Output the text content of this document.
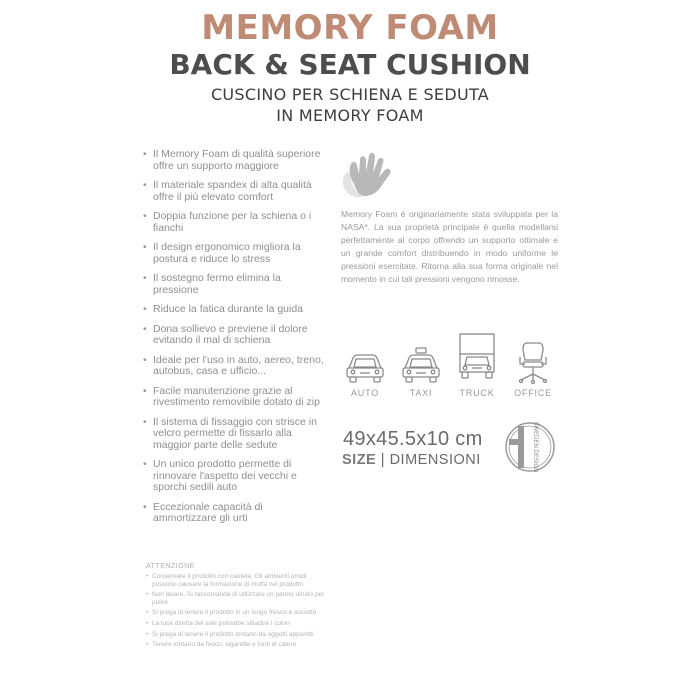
MEMORY FOAM
BACK & SEAT CUSHION
CUSCINO PER SCHIENA E SEDUTA
IN MEMORY FOAM
• Il Memory Foam di qualità superiore offre un supporto maggiore
• Il materiale spandex di alta qualità offre il più elevato comfort
• Doppia funzione per la schiena o i fianchi
• Il design ergonomico migliora la postura e riduce lo stress
• Il sostegno fermo elimina la pressione
• Riduce la fatica durante la guida
• Dona sollievo e previene il dolore evitando il mal di schiena
• Ideale per l'uso in auto, aereo, treno, autobus, casa e ufficio...
• Facile manutenzione grazie al rivestimento removibile dotato di zip
• Il sistema di fissaggio con strisce in velcro permette di fissarlo alla maggior parte delle sedute
• Un unico prodotto permette di rinnovare l'aspetto dei vecchi e sporchi sedili auto
• Eccezionale capacità di ammortizzare gli urti
ATTENZIONE
• Conservare il prodotto con cautela. Gli ambienti umidi possono causare la formazione di muffa nel prodotto
• Non lavare. Si raccomanda di utilizzare un panno umido per pulire
• Si prega di tenere il prodotto in un luogo fresco e asciutto
• La luce diretta del sole potrebbe sbiadire i colori
• Si prega di tenere il prodotto lontano da oggetti appuntiti
• Tenere lontano da fuoco, sigarette e fonti di calore
Memory Foam è originariamente stata sviluppata per la NASA*. La sua proprietà principale è quella modellarsi perfettamente al corpo offrendo un supporto ottimale e un grande comfort distribuendo in modo uniforme le pressioni esercitate. Ritorna alla sua forma originale nel momento in cui tali pressioni vengono rimosse.
AUTO	TAXI	TRUCK	OFFICE
49x45.5x10 cm
SIZE | DIMENSIONI	SWEDEN DESIGN
